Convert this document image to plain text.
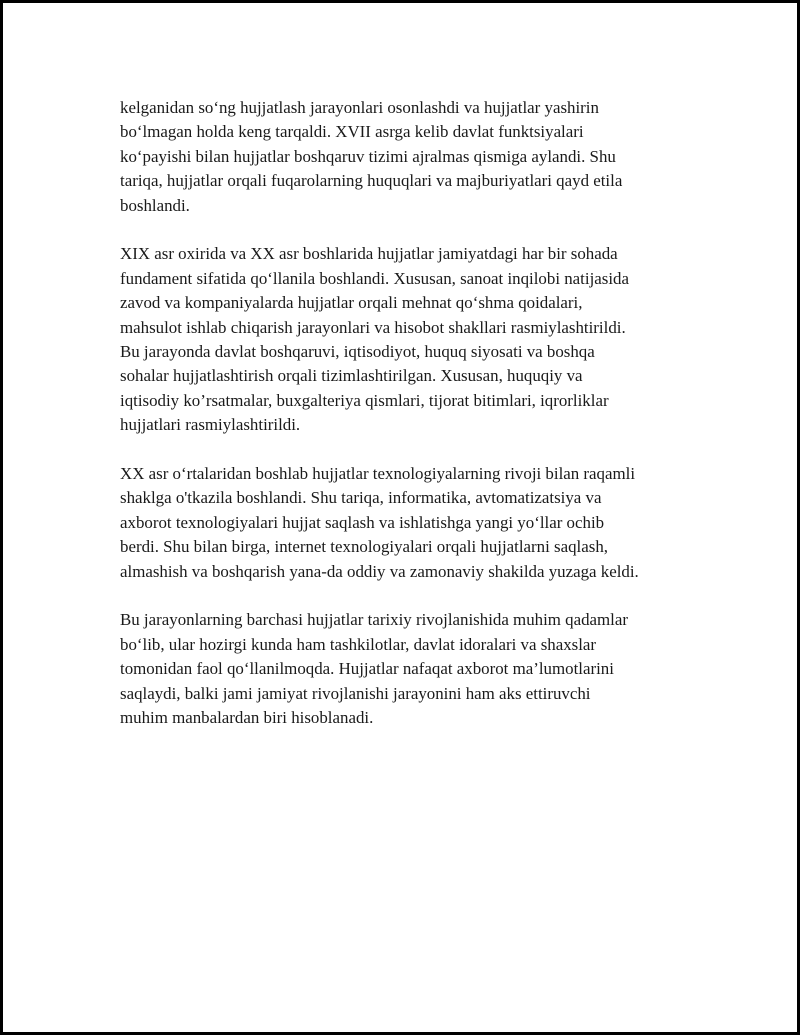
kelganidan so‘ng hujjatlash jarayonlari osonlashdi va hujjatlar yashirin
bo‘lmagan holda keng tarqaldi. XVII asrga kelib davlat funktsiyalari
ko‘payishi bilan hujjatlar boshqaruv tizimi ajralmas qismiga aylandi. Shu
tariqa, hujjatlar orqali fuqarolarning huquqlari va majburiyatlari qayd etila
boshlandi.

XIX asr oxirida va XX asr boshlarida hujjatlar jamiyatdagi har bir sohada
fundament sifatida qo‘llanila boshlandi. Xususan, sanoat inqilobi natijasida
zavod va kompaniyalarda hujjatlar orqali mehnat qo‘shma qoidalari,
mahsulot ishlab chiqarish jarayonlari va hisobot shakllari rasmiylashtirildi.
Bu jarayonda davlat boshqaruvi, iqtisodiyot, huquq siyosati va boshqa
sohalar hujjatlashtirish orqali tizimlashtirilgan. Xususan, huquqiy va
iqtisodiy ko’rsatmalar, buxgalteriya qismlari, tijorat bitimlari, iqrorliklar
hujjatlari rasmiylashtirildi.

XX asr o‘rtalaridan boshlab hujjatlar texnologiyalarning rivoji bilan raqamli
shaklga o'tkazila boshlandi. Shu tariqa, informatika, avtomatizatsiya va
axborot texnologiyalari hujjat saqlash va ishlatishga yangi yo‘llar ochib
berdi. Shu bilan birga, internet texnologiyalari orqali hujjatlarni saqlash,
almashish va boshqarish yana-da oddiy va zamonaviy shakilda yuzaga keldi.

Bu jarayonlarning barchasi hujjatlar tarixiy rivojlanishida muhim qadamlar
bo‘lib, ular hozirgi kunda ham tashkilotlar, davlat idoralari va shaxslar
tomonidan faol qo‘llanilmoqda. Hujjatlar nafaqat axborot ma’lumotlarini
saqlaydi, balki jami jamiyat rivojlanishi jarayonini ham aks ettiruvchi
muhim manbalardan biri hisoblanadi.
